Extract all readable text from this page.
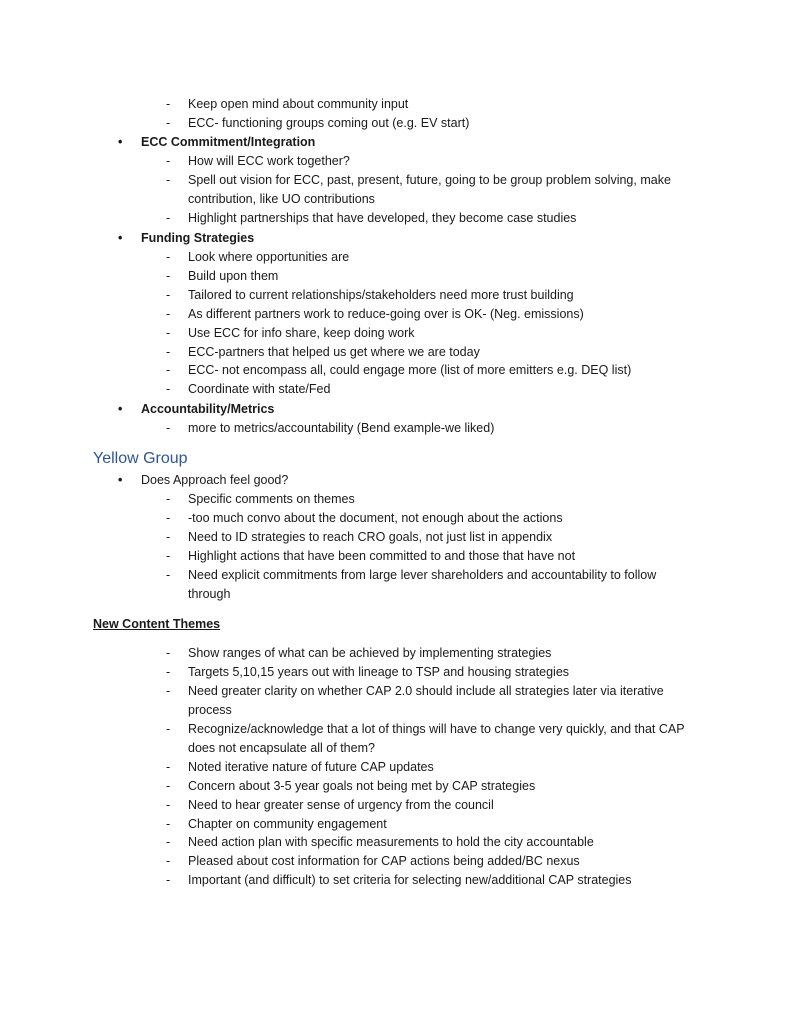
- Keep open mind about community input
- ECC- functioning groups coming out (e.g. EV start)
• ECC Commitment/Integration
- How will ECC work together?
- Spell out vision for ECC, past, present, future, going to be group problem solving, make contribution, like UO contributions
- Highlight partnerships that have developed, they become case studies
• Funding Strategies
- Look where opportunities are
- Build upon them
- Tailored to current relationships/stakeholders need more trust building
- As different partners work to reduce-going over is OK- (Neg. emissions)
- Use ECC for info share, keep doing work
- ECC-partners that helped us get where we are today
- ECC- not encompass all, could engage more (list of more emitters e.g. DEQ list)
- Coordinate with state/Fed
• Accountability/Metrics
- more to metrics/accountability (Bend example-we liked)
Yellow Group
• Does Approach feel good?
- Specific comments on themes
- -too much convo about the document, not enough about the actions
- Need to ID strategies to reach CRO goals, not just list in appendix
- Highlight actions that have been committed to and those that have not
- Need explicit commitments from large lever shareholders and accountability to follow through
New Content Themes
- Show ranges of what can be achieved by implementing strategies
- Targets 5,10,15 years out with lineage to TSP and housing strategies
- Need greater clarity on whether CAP 2.0 should include all strategies later via iterative process
- Recognize/acknowledge that a lot of things will have to change very quickly, and that CAP does not encapsulate all of them?
- Noted iterative nature of future CAP updates
- Concern about 3-5 year goals not being met by CAP strategies
- Need to hear greater sense of urgency from the council
- Chapter on community engagement
- Need action plan with specific measurements to hold the city accountable
- Pleased about cost information for CAP actions being added/BC nexus
- Important (and difficult) to set criteria for selecting new/additional CAP strategies
